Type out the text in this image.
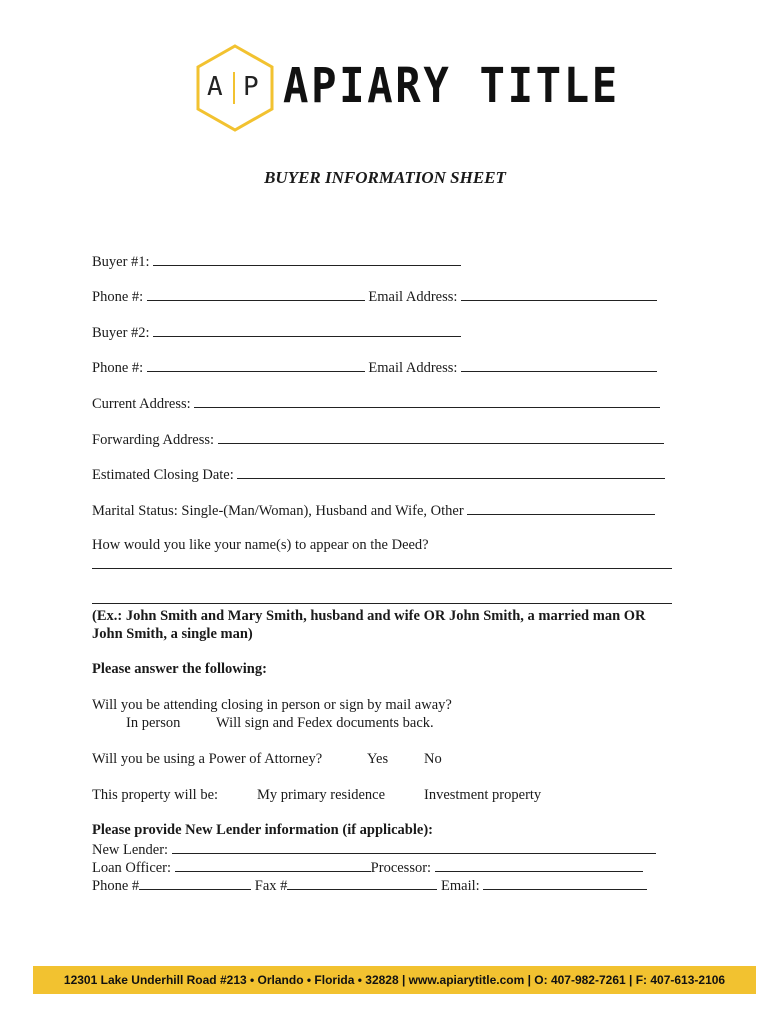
A P APIARY TITLE
BUYER INFORMATION SHEET
Buyer #1:
Phone #:	Email Address:
Buyer #2:
Phone #:	Email Address:
Current Address:
Forwarding Address:
Estimated Closing Date:
Marital Status: Single-(Man/Woman), Husband and Wife, Other
How would you like your name(s) to appear on the Deed?
(Ex.: John Smith and Mary Smith, husband and wife OR John Smith, a married man OR
John Smith, a single man)
Please answer the following:
Will you be attending closing in person or sign by mail away?
In person Will sign and Fedex documents back.
Will you be using a Power of Attorney?	Yes No
This property will be:	My primary residence	Investment property
Please provide New Lender information (if applicable):
New Lender:
Loan Officer:	Processor:
Phone #	Fax #	Email:
12301 Lake Underhill Road #213 • Orlando • Florida • 32828 | www.apiarytitle.com | O: 407-982-7261 | F: 407-613-2106
